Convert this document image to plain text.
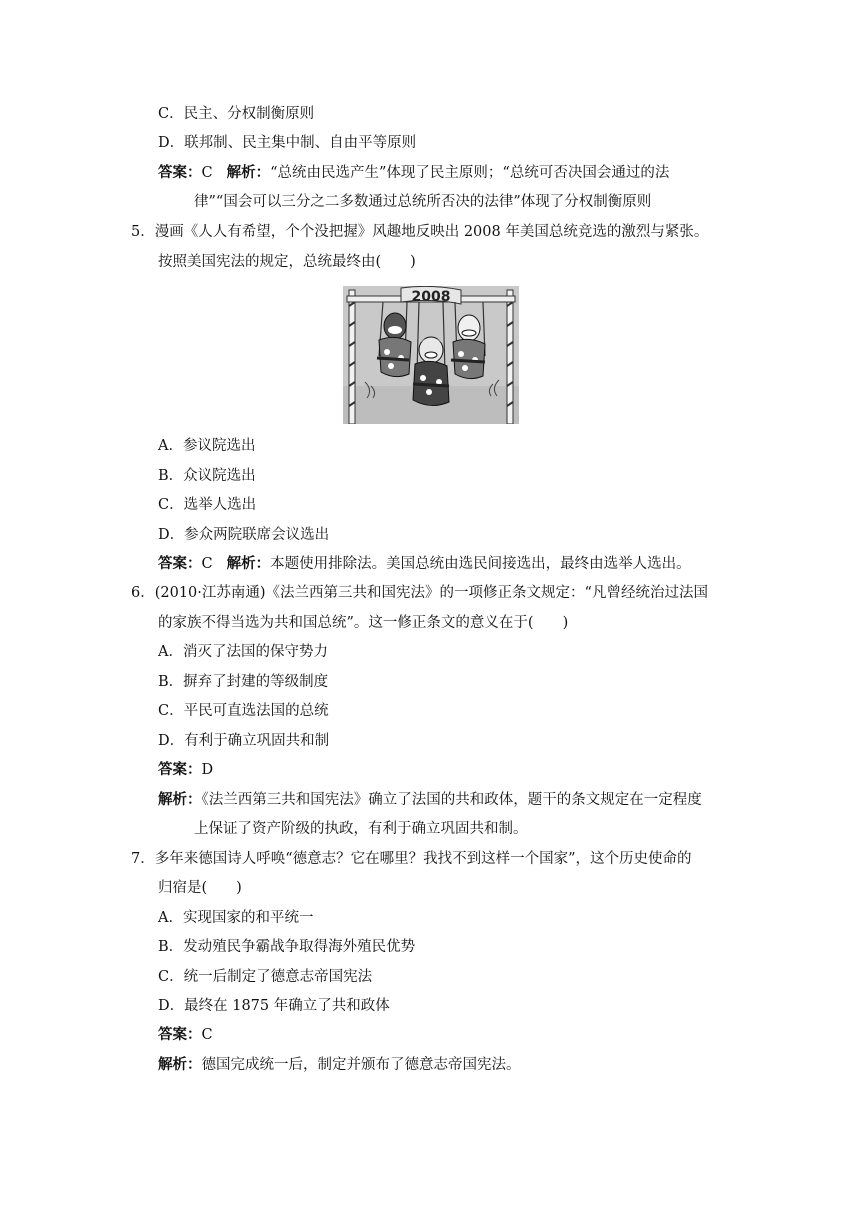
C．民主、分权制衡原则
D．联邦制、民主集中制、自由平等原则
答案：C 解析：“总统由民选产生”体现了民主原则；“总统可否决国会通过的法
律”“国会可以三分之二多数通过总统所否决的法律”体现了分权制衡原则
5．漫画《人人有希望，个个没把握》风趣地反映出 2008 年美国总统竞选的激烈与紧张。
按照美国宪法的规定，总统最终由(　　)
2008
A．参议院选出
B．众议院选出
C．选举人选出
D．参众两院联席会议选出
答案：C 解析：本题使用排除法。美国总统由选民间接选出，最终由选举人选出。
6．(2010·江苏南通)《法兰西第三共和国宪法》的一项修正条文规定：“凡曾经统治过法国
的家族不得当选为共和国总统”。这一修正条文的意义在于(　　)
A．消灭了法国的保守势力
B．摒弃了封建的等级制度
C．平民可直选法国的总统
D．有利于确立巩固共和制
答案：D
解析：《法兰西第三共和国宪法》确立了法国的共和政体，题干的条文规定在一定程度
上保证了资产阶级的执政，有利于确立巩固共和制。
7．多年来德国诗人呼唤“德意志？它在哪里？我找不到这样一个国家”，这个历史使命的
归宿是(　　)
A．实现国家的和平统一
B．发动殖民争霸战争取得海外殖民优势
C．统一后制定了德意志帝国宪法
D．最终在 1875 年确立了共和政体
答案：C
解析：德国完成统一后，制定并颁布了德意志帝国宪法。
